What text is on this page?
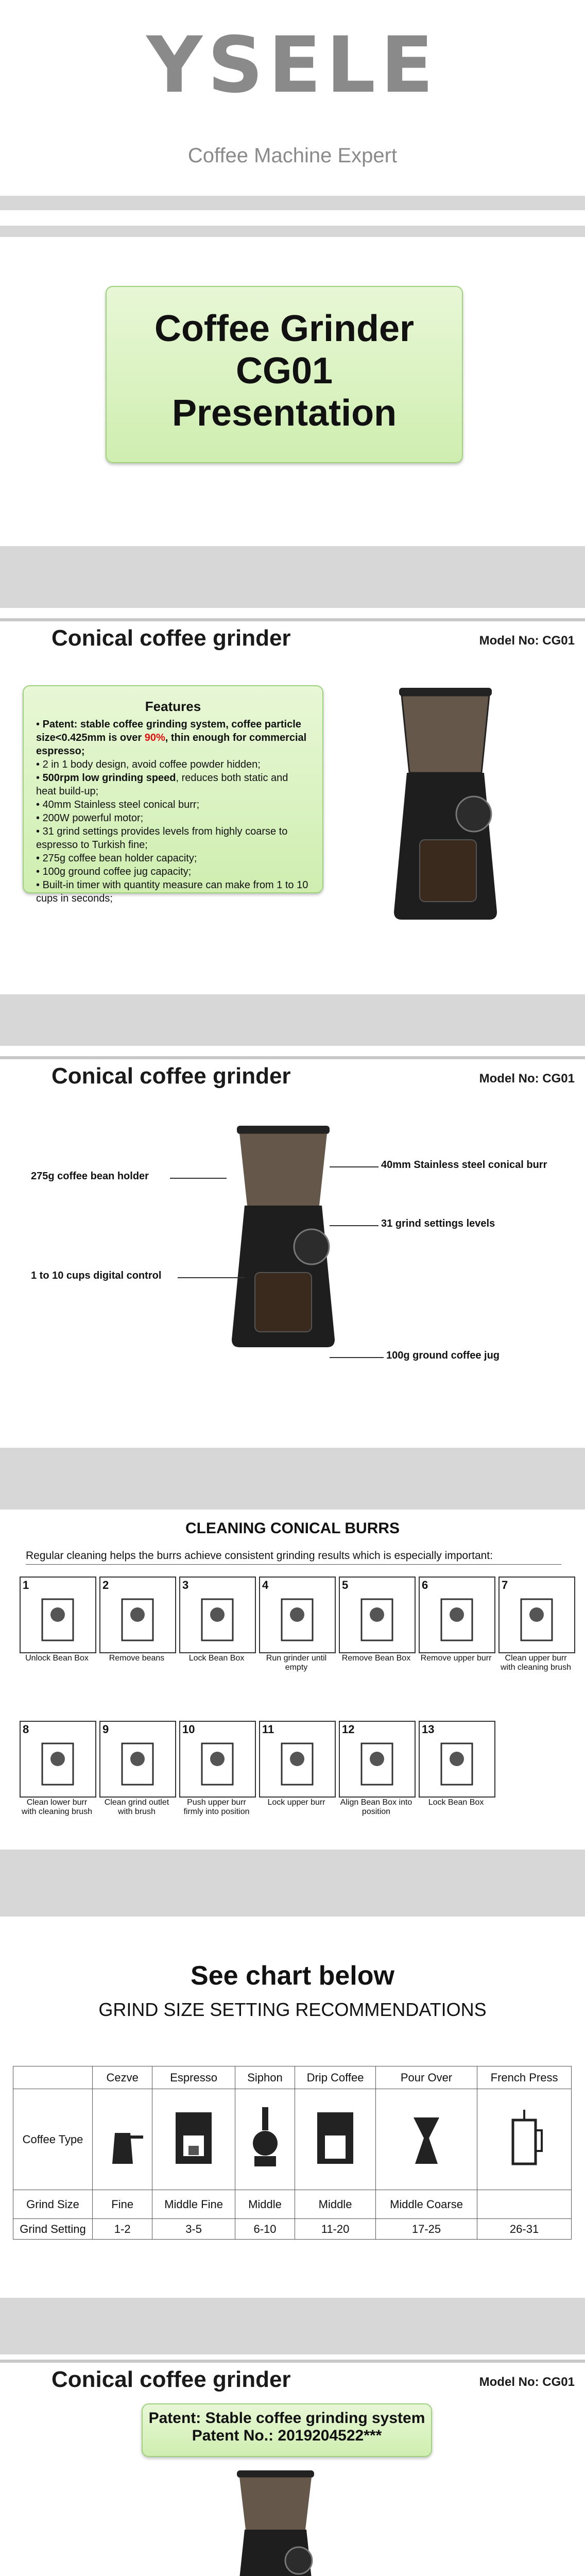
YSELE
Coffee Machine Expert
Coffee Grinder
CG01
Presentation
Conical coffee grinder	Model No: CG01
Features
• Patent: stable coffee grinding system, coffee particle size<0.425mm is over 90%, thin enough for commercial espresso;
• 2 in 1 body design, avoid coffee powder hidden;
• 500rpm low grinding speed, reduces both static and heat build-up;
• 40mm Stainless steel conical burr;
• 200W powerful motor;
• 31 grind settings provides levels from highly coarse to espresso to Turkish fine;
• 275g coffee bean holder capacity;
• 100g ground coffee jug capacity;
• Built-in timer with quantity measure can make from 1 to 10 cups in seconds;
Conical coffee grinder	Model No: CG01
275g coffee bean holder
40mm Stainless steel conical burr
31 grind settings levels
1 to 10 cups digital control
100g ground coffee jug
CLEANING CONICAL BURRS
Regular cleaning helps the burrs achieve consistent grinding results which is especially important:
1
Unlock Bean Box
2
Remove beans
3
Lock Bean Box
4
Run grinder until empty
5
Remove Bean Box
6
Remove upper burr
7
Clean upper burr with cleaning brush
8
Clean lower burr with cleaning brush
9
Clean grind outlet with brush
10
Push upper burr firmly into position
11
Lock upper burr
12
Align Bean Box into position
13
Lock Bean Box
See chart below
GRIND SIZE SETTING RECOMMENDATIONS
	Cezve	Espresso	Siphon	Drip Coffee	Pour Over	French Press
Coffee Type						
Grind Size	Fine	Middle Fine	Middle	Middle	Middle Coarse	
Grind Setting	1-2	3-5	6-10	11-20	17-25	26-31
Conical coffee grinder	Model No: CG01
Patent: Stable coffee grinding system
Patent No.: 2019204522***
